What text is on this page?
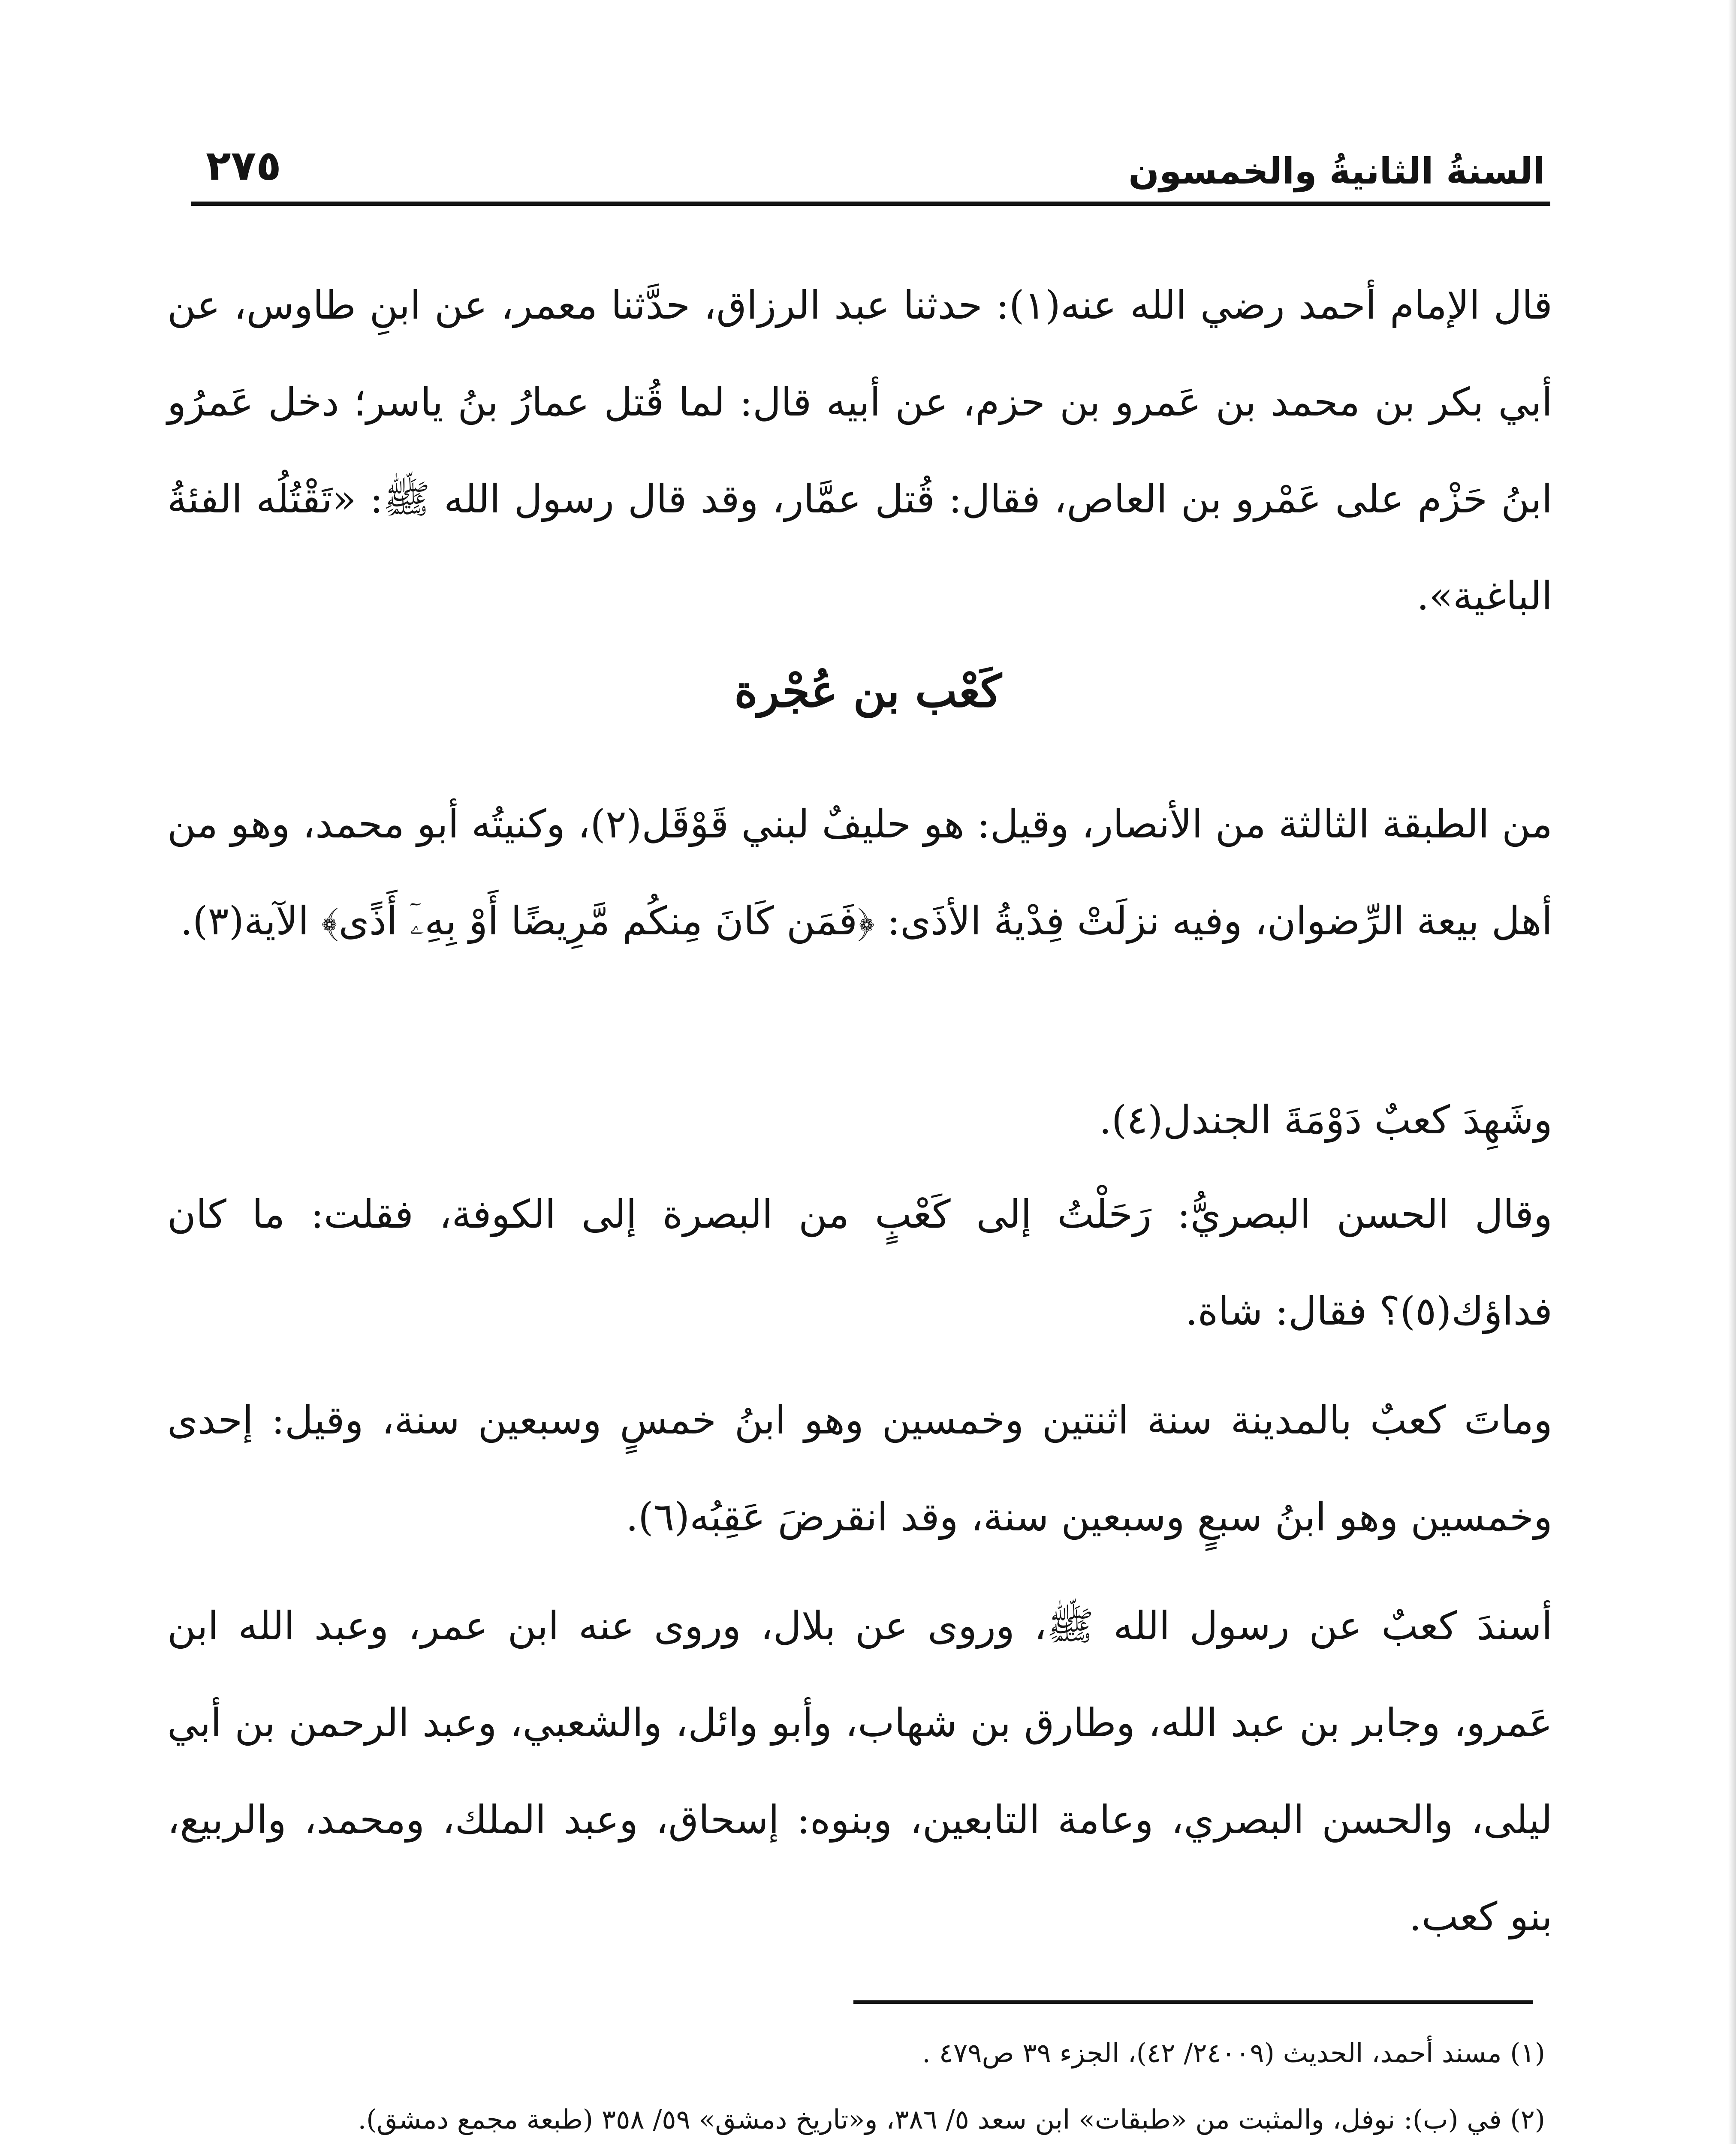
السنةُ الثانيةُ والخمسون
٢٧٥
قال الإمام أحمد رضي الله عنه(١): حدثنا عبد الرزاق، حدَّثنا معمر، عن ابنِ طاوس، عن أبي بكر بن محمد بن عَمرو بن حزم، عن أبيه قال: لما قُتل عمارُ بنُ ياسر؛ دخل عَمرُو ابنُ حَزْم على عَمْرو بن العاص، فقال: قُتل عمَّار، وقد قال رسول الله ﷺ: «تَقْتُلُه الفئةُ الباغية».
كَعْب بن عُجْرة
من الطبقة الثالثة من الأنصار، وقيل: هو حليفٌ لبني قَوْقَل(٢)، وكنيتُه أبو محمد، وهو من أهل بيعة الرِّضوان، وفيه نزلَتْ فِدْيةُ الأذَى: ﴿فَمَن كَانَ مِنكُم مَّرِيضًا أَوْ بِهِۦٓ أَذًى﴾ الآية(٣).
وشَهِدَ كعبٌ دَوْمَةَ الجندل(٤).
وقال الحسن البصريُّ: رَحَلْتُ إلى كَعْبٍ من البصرة إلى الكوفة، فقلت: ما كان فداؤك(٥)؟ فقال: شاة.
وماتَ كعبٌ بالمدينة سنة اثنتين وخمسين وهو ابنُ خمسٍ وسبعين سنة، وقيل: إحدى وخمسين وهو ابنُ سبعٍ وسبعين سنة، وقد انقرضَ عَقِبُه(٦).
أسندَ كعبٌ عن رسول الله ﷺ، وروى عن بلال، وروى عنه ابن عمر، وعبد الله ابن عَمرو، وجابر بن عبد الله، وطارق بن شهاب، وأبو وائل، والشعبي، وعبد الرحمن بن أبي ليلى، والحسن البصري، وعامة التابعين، وبنوه: إسحاق، وعبد الملك، ومحمد، والربيع، بنو كعب.
(١) مسند أحمد، الحديث (٢٤٠٠٩/ ٤٢)، الجزء ٣٩ ص٤٧٩ .
(٢) في (ب): نوفل، والمثبت من «طبقات» ابن سعد ٥/ ٣٨٦، و«تاريخ دمشق» ٥٩/ ٣٥٨ (طبعة مجمع دمشق).
